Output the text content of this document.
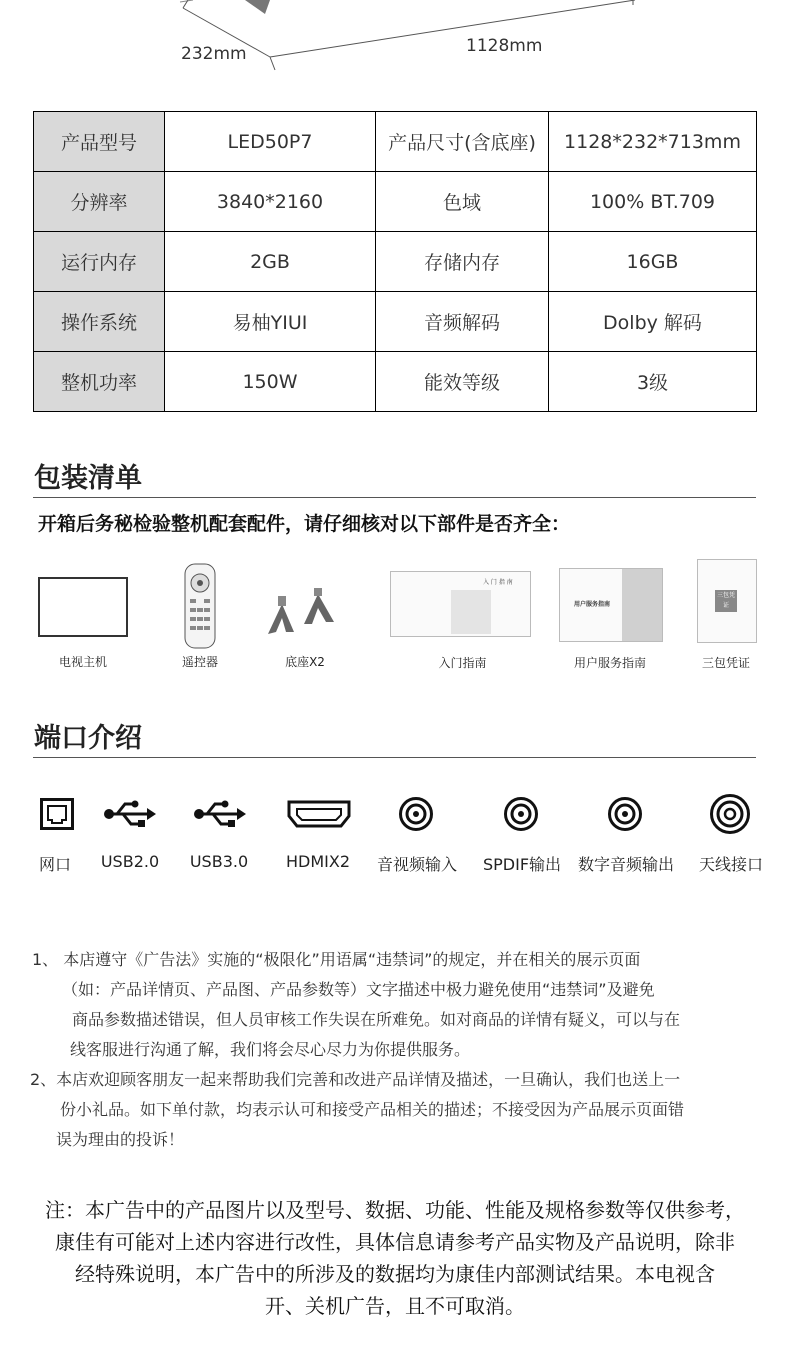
232mm	1128mm
产品型号	LED50P7	产品尺寸(含底座)	1128*232*713mm
分辨率	3840*2160	色域	100% BT.709
运行内存	2GB	存储内存	16GB
操作系统	易柚YIUI	音频解码	Dolby 解码
整机功率	150W	能效等级	3级
包装清单
开箱后务秘检验整机配套配件，请仔细核对以下部件是否齐全：
入 门 指 南
用户服务指南
三包凭证
电视主机	遥控器	底座X2	入门指南	用户服务指南	三包凭证
端口介绍
网口	USB2.0	USB3.0	HDMIX2	音视频输入	SPDIF输出	数字音频输出	天线接口
1、 本店遵守《广告法》实施的“极限化”用语属“违禁词”的规定，并在相关的展示页面
（如：产品详情页、产品图、产品参数等）文字描述中极力避免使用“违禁词”及避免
商品参数描述错误，但人员审核工作失误在所难免。如对商品的详情有疑义，可以与在
线客服进行沟通了解，我们将会尽心尽力为你提供服务。
2、本店欢迎顾客朋友一起来帮助我们完善和改进产品详情及描述，一旦确认，我们也送上一
份小礼品。如下单付款，均表示认可和接受产品相关的描述；不接受因为产品展示页面错
误为理由的投诉！
注：本广告中的产品图片以及型号、数据、功能、性能及规格参数等仅供参考，
康佳有可能对上述内容进行改性，具体信息请参考产品实物及产品说明，除非
经特殊说明，本广告中的所涉及的数据均为康佳内部测试结果。本电视含
开、关机广告，且不可取消。
